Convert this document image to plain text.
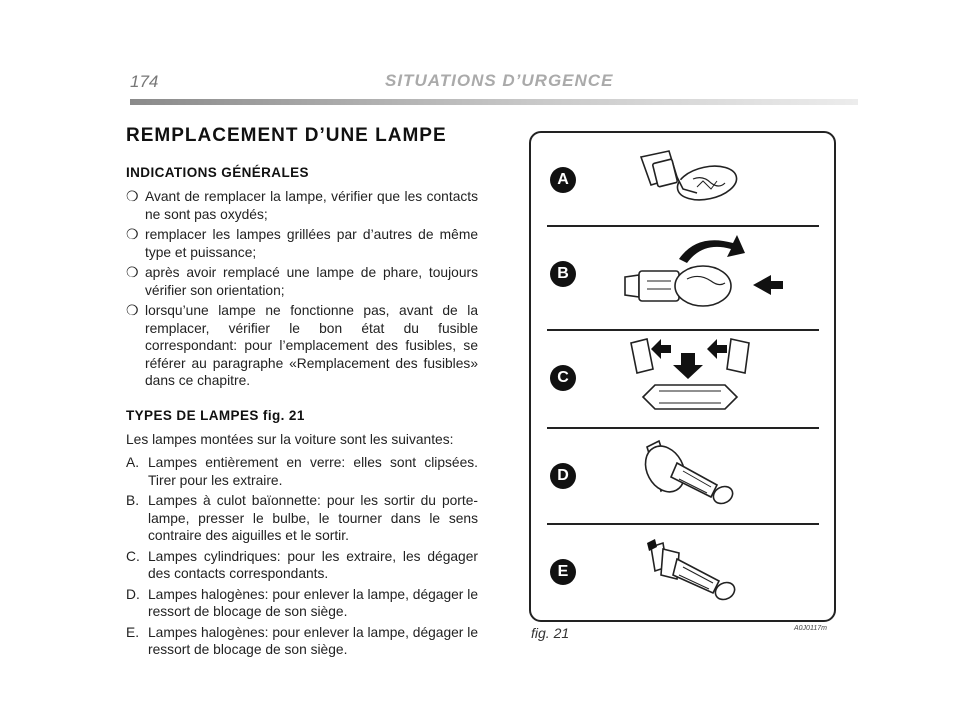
174	SITUATIONS D’URGENCE
REMPLACEMENT D’UNE LAMPE
INDICATIONS GÉNÉRALES
❍ Avant de remplacer la lampe, vérifier que les contacts ne sont pas oxydés;
❍ remplacer les lampes grillées par d’autres de même type et puissance;
❍ après avoir remplacé une lampe de phare, toujours vérifier son orientation;
❍ lorsqu’une lampe ne fonctionne pas, avant de la remplacer, vérifier le bon état du fusible correspondant: pour l’emplacement des fusibles, se référer au paragraphe «Remplacement des fusibles» dans ce chapitre.
TYPES DE LAMPES fig. 21

Les lampes montées sur la voiture sont les suivantes:

A. Lampes entièrement en verre: elles sont clipsées. Tirer pour les extraire.
B. Lampes à culot baïonnette: pour les sortir du porte-lampe, presser le bulbe, le tourner dans le sens contraire des aiguilles et le sortir.
C. Lampes cylindriques: pour les extraire, les dégager des contacts correspondants.
D. Lampes halogènes: pour enlever la lampe, dégager le ressort de blocage de son siège.
E. Lampes halogènes: pour enlever la lampe, dégager le ressort de blocage de son siège.
A
B
C
D
E
fig. 21	A0J0117m
